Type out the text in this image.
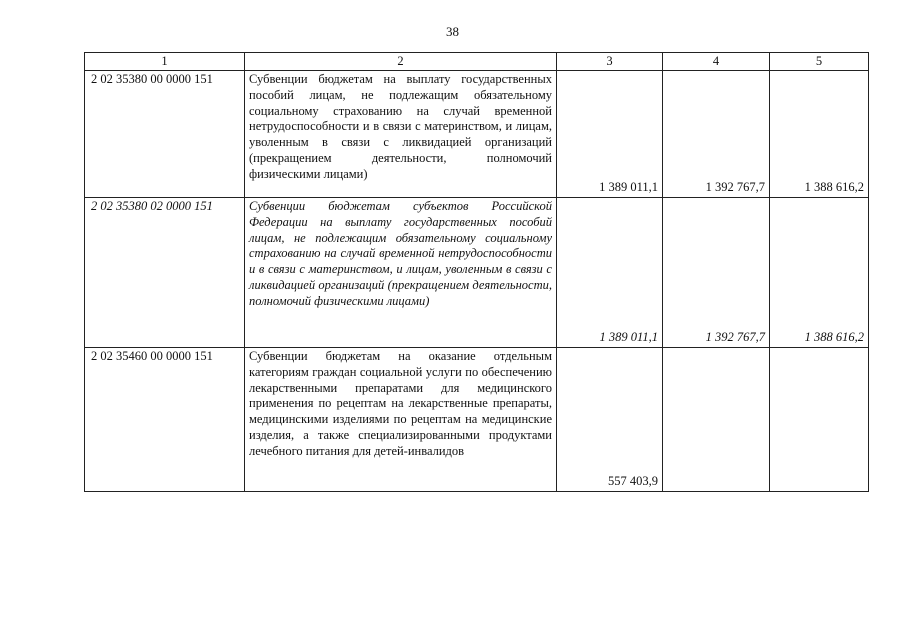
38
1	2	3	4	5
2 02 35380 00 0000 151	Субвенции бюджетам на выплату государственных пособий лицам, не подлежащим обязательному социальному страхованию на случай временной нетрудоспособности и в связи с материнством, и лицам, уволенным в связи с ликвидацией организаций (прекращением деятельности, полномочий физическими лицами)	1 389 011,1	1 392 767,7	1 388 616,2
2 02 35380 02 0000 151	Субвенции бюджетам субъектов Российской Федерации на выплату государственных пособий лицам, не подлежащим обязательному социальному страхованию на случай временной нетрудоспособности и в связи с материнством, и лицам, уволенным в связи с ликвидацией организаций (прекращением деятельности, полномочий физическими лицами)	1 389 011,1	1 392 767,7	1 388 616,2
2 02 35460 00 0000 151	Субвенции бюджетам на оказание отдельным категориям граждан социальной услуги по обеспечению лекарственными препаратами для медицинского применения по рецептам на лекарственные препараты, медицинскими изделиями по рецептам на медицинские изделия, а также специализированными продуктами лечебного питания для детей-инвалидов	557 403,9		
